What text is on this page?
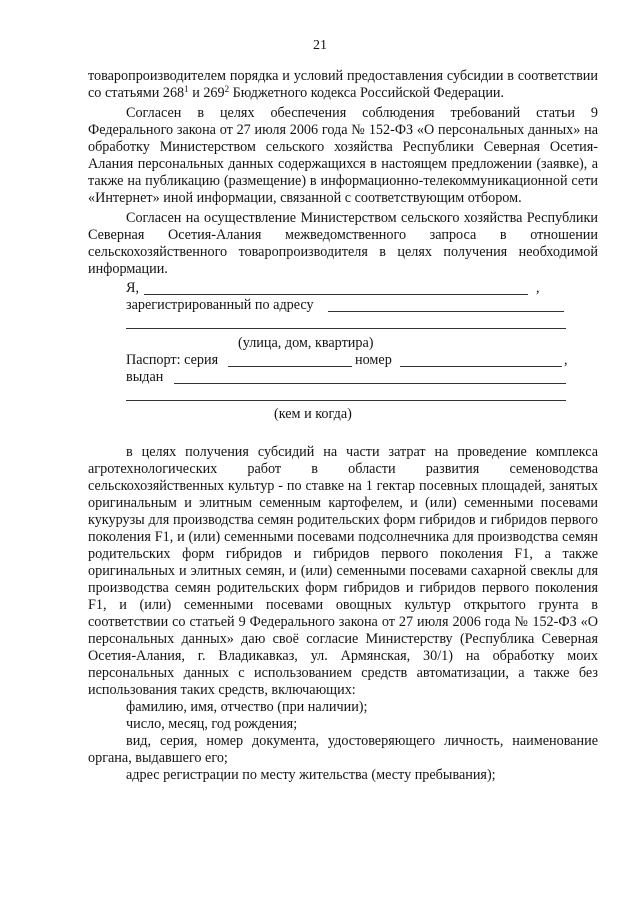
21

товаропроизводителем порядка и условий предоставления субсидии в соответствии со статьями $268^1$ и $269^2$ Бюджетного кодекса Российской Федерации.

Согласен в целях обеспечения соблюдения требований статьи 9 Федерального закона от 27 июля 2006 года № 152-ФЗ «О персональных данных» на обработку Министерством сельского хозяйства Республики Северная Осетия-Алания персональных данных содержащихся в настоящем предложении (заявке), а также на публикацию (размещение) в информационно-телекоммуникационной сети «Интернет» иной информации, связанной с соответствующим отбором.

Согласен на осуществление Министерством сельского хозяйства Республики Северная Осетия-Алания межведомственного запроса в отношении сельскохозяйственного товаропроизводителя в целях получения необходимой информации.

Я,	,
зарегистрированный по адресу
(улица, дом, квартира)
Паспорт: серия	номер	,
выдан
(кем и когда)

в целях получения субсидий на части затрат на проведение комплекса агротехнологических работ в области развития семеноводства сельскохозяйственных культур - по ставке на 1 гектар посевных площадей, занятых оригинальным и элитным семенным картофелем, и (или) семенными посевами кукурузы для производства семян родительских форм гибридов и гибридов первого поколения F1, и (или) семенными посевами подсолнечника для производства семян родительских форм гибридов и гибридов первого поколения F1, а также оригинальных и элитных семян, и (или) семенными посевами сахарной свеклы для производства семян родительских форм гибридов и гибридов первого поколения F1, и (или) семенными посевами овощных культур открытого грунта в соответствии со статьей 9 Федерального закона от 27 июля 2006 года № 152-ФЗ «О персональных данных» даю своё согласие Министерству (Республика Северная Осетия-Алания, г. Владикавказ, ул. Армянская, 30/1) на обработку моих персональных данных с использованием средств автоматизации, а также без использования таких средств, включающих:

фамилию, имя, отчество (при наличии);

число, месяц, год рождения;

вид, серия, номер документа, удостоверяющего личность, наименование органа, выдавшего его;

адрес регистрации по месту жительства (месту пребывания);
